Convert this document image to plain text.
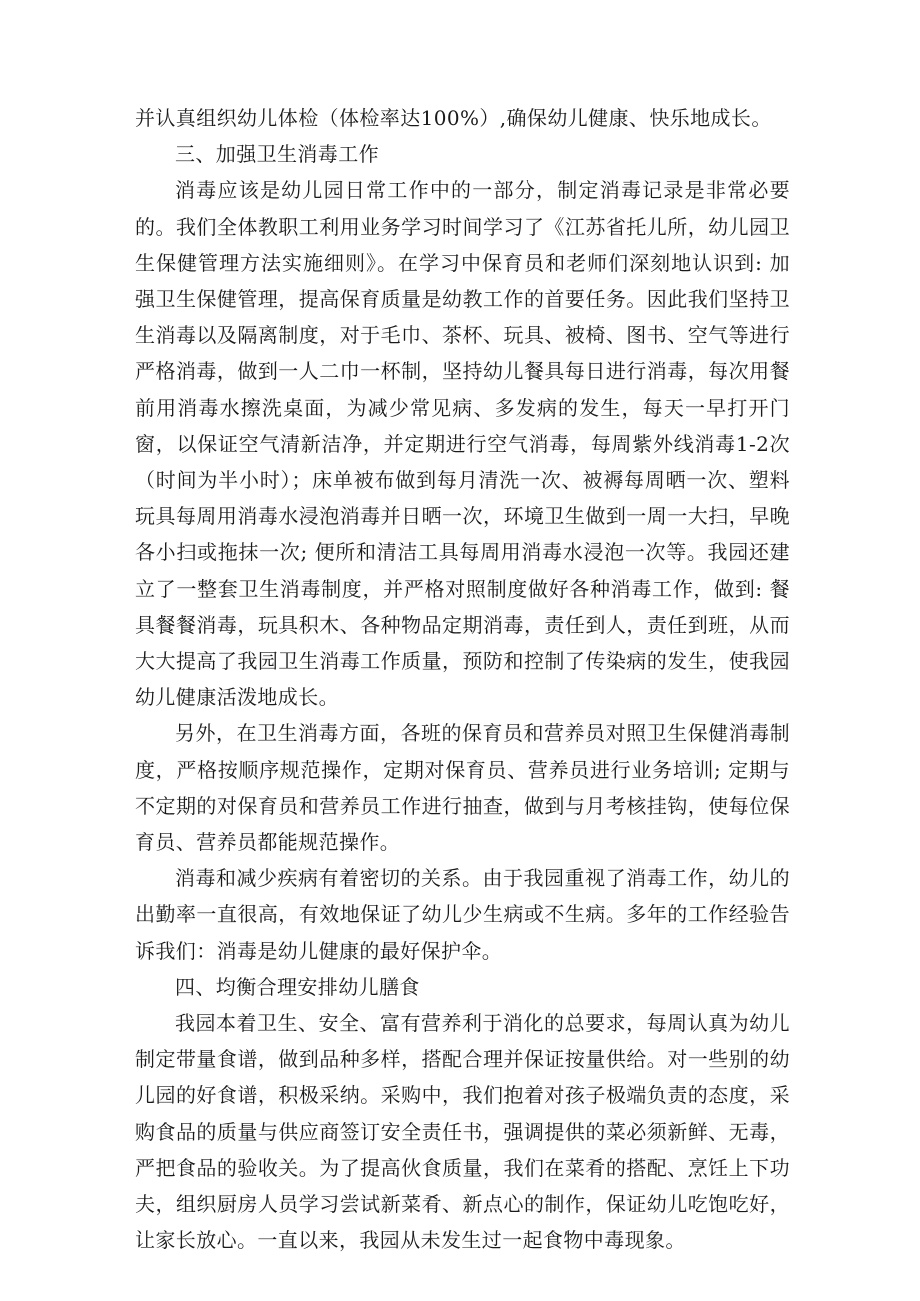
并认真组织幼儿体检（体检率达100%）,确保幼儿健康、快乐地成长。

三、加强卫生消毒工作

消毒应该是幼儿园日常工作中的一部分，制定消毒记录是非常必要的。我们全体教职工利用业务学习时间学习了《江苏省托儿所，幼儿园卫生保健管理方法实施细则》。在学习中保育员和老师们深刻地认识到: 加强卫生保健管理，提高保育质量是幼教工作的首要任务。因此我们坚持卫生消毒以及隔离制度，对于毛巾、茶杯、玩具、被椅、图书、空气等进行严格消毒，做到一人二巾一杯制，坚持幼儿餐具每日进行消毒，每次用餐前用消毒水擦洗桌面，为减少常见病、多发病的发生，每天一早打开门窗，以保证空气清新洁净，并定期进行空气消毒，每周紫外线消毒1-2次（时间为半小时）；床单被布做到每月清洗一次、被褥每周晒一次、塑料玩具每周用消毒水浸泡消毒并日晒一次，环境卫生做到一周一大扫，早晚各小扫或拖抹一次; 便所和清洁工具每周用消毒水浸泡一次等。我园还建立了一整套卫生消毒制度，并严格对照制度做好各种消毒工作，做到: 餐具餐餐消毒，玩具积木、各种物品定期消毒，责任到人，责任到班，从而大大提高了我园卫生消毒工作质量，预防和控制了传染病的发生，使我园幼儿健康活泼地成长。

另外，在卫生消毒方面，各班的保育员和营养员对照卫生保健消毒制度，严格按顺序规范操作，定期对保育员、营养员进行业务培训; 定期与不定期的对保育员和营养员工作进行抽查，做到与月考核挂钩，使每位保育员、营养员都能规范操作。

消毒和减少疾病有着密切的关系。由于我园重视了消毒工作，幼儿的出勤率一直很高，有效地保证了幼儿少生病或不生病。多年的工作经验告诉我们：消毒是幼儿健康的最好保护伞。

四、均衡合理安排幼儿膳食

我园本着卫生、安全、富有营养利于消化的总要求，每周认真为幼儿制定带量食谱，做到品种多样，搭配合理并保证按量供给。对一些别的幼儿园的好食谱，积极采纳。采购中，我们抱着对孩子极端负责的态度，采购食品的质量与供应商签订安全责任书，强调提供的菜必须新鲜、无毒，严把食品的验收关。为了提高伙食质量，我们在菜肴的搭配、烹饪上下功夫，组织厨房人员学习尝试新菜肴、新点心的制作，保证幼儿吃饱吃好，让家长放心。一直以来，我园从未发生过一起食物中毒现象。
